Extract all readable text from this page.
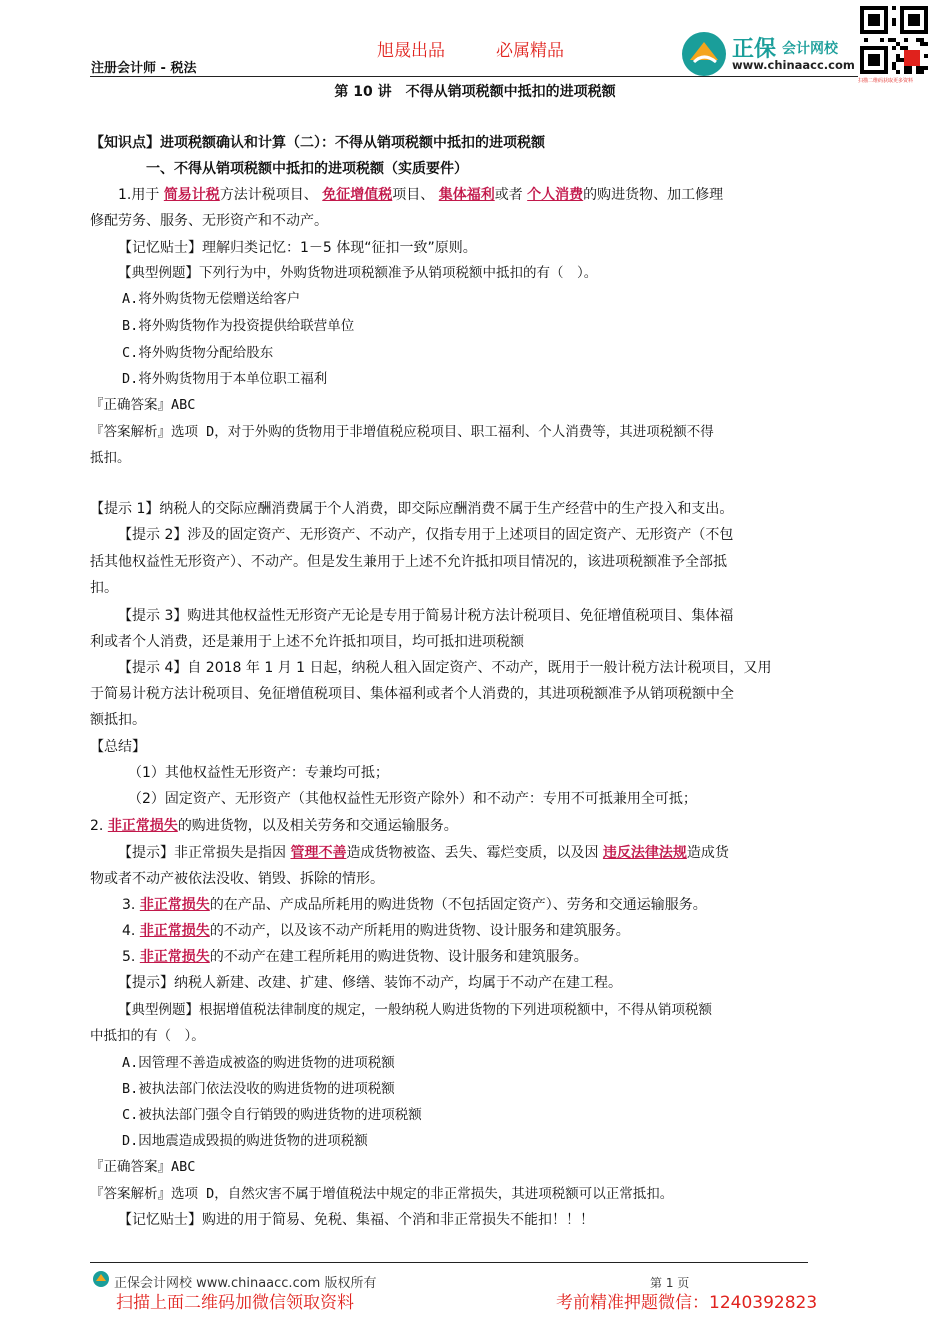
旭晟出品	必属精品
注册会计师 - 税法
正保 会计网校
www.chinaacc.com
扫描二维码获取更多资料
第 10 讲　不得从销项税额中抵扣的进项税额
【知识点】进项税额确认和计算（二）：不得从销项税额中抵扣的进项税额
一、不得从销项税额中抵扣的进项税额（实质要件）
1.用于 简易计税方法计税项目、 免征增值税项目、 集体福利或者 个人消费的购进货物、加工修理
修配劳务、服务、无形资产和不动产。
【记忆贴士】理解归类记忆：1－5 体现“征扣一致”原则。
【典型例题】下列行为中，外购货物进项税额准予从销项税额中抵扣的有（　）。
A.将外购货物无偿赠送给客户
B.将外购货物作为投资提供给联营单位
C.将外购货物分配给股东
D.将外购货物用于本单位职工福利
『正确答案』ABC
『答案解析』选项 D，对于外购的货物用于非增值税应税项目、职工福利、个人消费等，其进项税额不得
抵扣。
【提示 1】纳税人的交际应酬消费属于个人消费，即交际应酬消费不属于生产经营中的生产投入和支出。
【提示 2】涉及的固定资产、无形资产、不动产，仅指专用于上述项目的固定资产、无形资产（不包
括其他权益性无形资产）、不动产。但是发生兼用于上述不允许抵扣项目情况的，该进项税额准予全部抵
扣。
【提示 3】购进其他权益性无形资产无论是专用于简易计税方法计税项目、免征增值税项目、集体福
利或者个人消费，还是兼用于上述不允许抵扣项目，均可抵扣进项税额
【提示 4】自 2018 年 1 月 1 日起，纳税人租入固定资产、不动产，既用于一般计税方法计税项目，又用
于简易计税方法计税项目、免征增值税项目、集体福利或者个人消费的，其进项税额准予从销项税额中全
额抵扣。
【总结】
（1）其他权益性无形资产：专兼均可抵；
（2）固定资产、无形资产（其他权益性无形资产除外）和不动产：专用不可抵兼用全可抵；
2. 非正常损失的购进货物，以及相关劳务和交通运输服务。
【提示】非正常损失是指因 管理不善造成货物被盗、丢失、霉烂变质，以及因 违反法律法规造成货
物或者不动产被依法没收、销毁、拆除的情形。
3. 非正常损失的在产品、产成品所耗用的购进货物（不包括固定资产）、劳务和交通运输服务。
4. 非正常损失的不动产，以及该不动产所耗用的购进货物、设计服务和建筑服务。
5. 非正常损失的不动产在建工程所耗用的购进货物、设计服务和建筑服务。
【提示】纳税人新建、改建、扩建、修缮、装饰不动产，均属于不动产在建工程。
【典型例题】根据增值税法律制度的规定，一般纳税人购进货物的下列进项税额中，不得从销项税额
中抵扣的有（　）。
A.因管理不善造成被盗的购进货物的进项税额
B.被执法部门依法没收的购进货物的进项税额
C.被执法部门强令自行销毁的购进货物的进项税额
D.因地震造成毁损的购进货物的进项税额
『正确答案』ABC
『答案解析』选项 D，自然灾害不属于增值税法中规定的非正常损失，其进项税额可以正常抵扣。
【记忆贴士】购进的用于简易、免税、集福、个消和非正常损失不能扣！！！
正保会计网校 www.chinaacc.com 版权所有	第 1 页
扫描上面二维码加微信领取资料	考前精准押题微信：1240392823
